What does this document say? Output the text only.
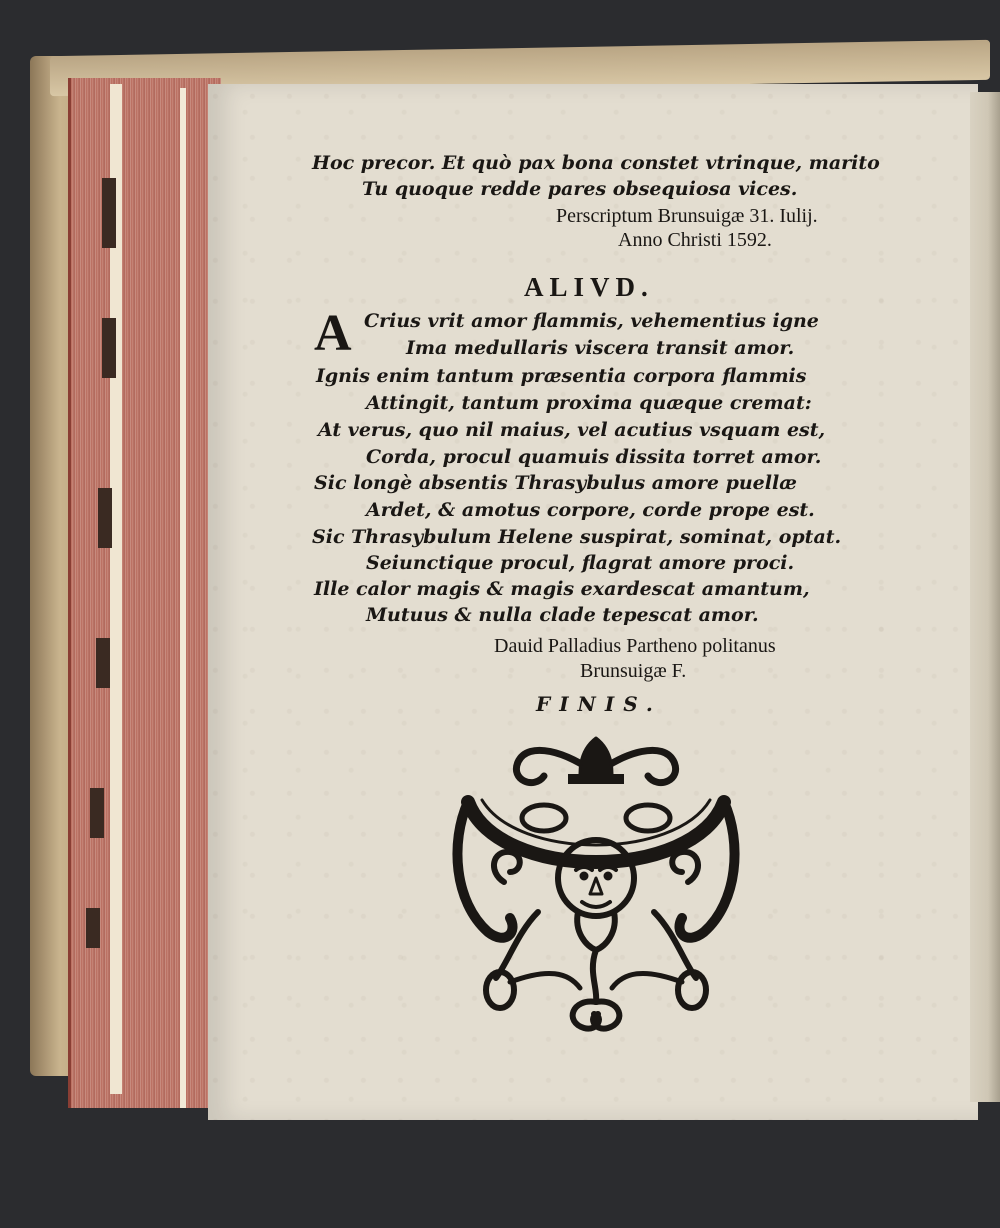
Hoc precor. Et quò pax bona constet vtrinque, marito
Tu quoque redde pares obsequiosa vices.
Perscriptum Brunsuigæ 31. Iulij.
Anno Christi 1592.
ALIVD.
A Crius vrit amor flammis, vehementius igne
Ima medullaris viscera transit amor.
Ignis enim tantum præsentia corpora flammis
Attingit, tantum proxima quæque cremat:
At verus, quo nil maius, vel acutius vsquam est,
Corda, procul quamuis dissita torret amor.
Sic longè absentis Thrasybulus amore puellæ
Ardet, & amotus corpore, corde prope est.
Sic Thrasybulum Helene suspirat, sominat, optat.
Seiunctique procul, flagrat amore proci.
Ille calor magis & magis exardescat amantum,
Mutuus & nulla clade tepescat amor.
Dauid Palladius Partheno politanus
Brunsuigæ F.
FINIS.
